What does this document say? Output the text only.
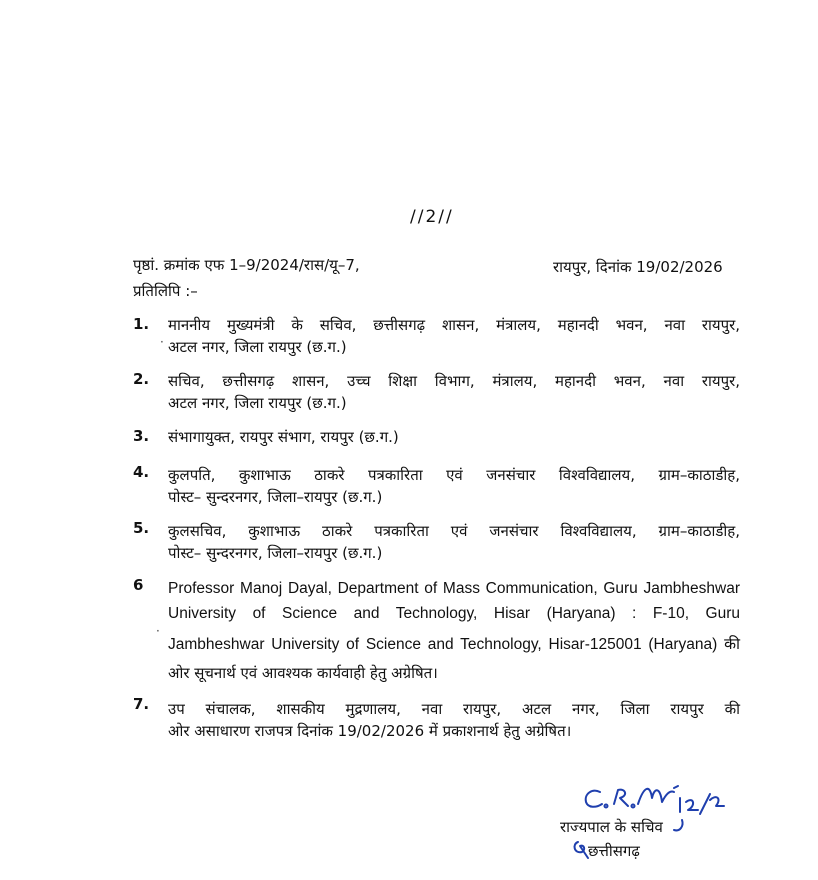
//2//
पृष्ठां. क्रमांक एफ 1–9/2024/रास/यू–7,	रायपुर, दिनांक 19/02/2026
प्रतिलिपि :–
1. माननीय मुख्यमंत्री के सचिव, छत्तीसगढ़ शासन, मंत्रालय, महानदी भवन, नवा रायपुर,
अटल नगर, जिला रायपुर (छ.ग.)
2. सचिव, छत्तीसगढ़ शासन, उच्च शिक्षा विभाग, मंत्रालय, महानदी भवन, नवा रायपुर,
अटल नगर, जिला रायपुर (छ.ग.)
3. संभागायुक्त, रायपुर संभाग, रायपुर (छ.ग.)
4. कुलपति, कुशाभाऊ ठाकरे पत्रकारिता एवं जनसंचार विश्वविद्यालय, ग्राम–काठाडीह,
पोस्ट– सुन्दरनगर, जिला–रायपुर (छ.ग.)
5. कुलसचिव, कुशाभाऊ ठाकरे पत्रकारिता एवं जनसंचार विश्वविद्यालय, ग्राम–काठाडीह,
पोस्ट– सुन्दरनगर, जिला–रायपुर (छ.ग.)
6 Professor Manoj Dayal, Department of Mass Communication, Guru Jambheshwar
University of Science and Technology, Hisar (Haryana) : F-10, Guru
Jambheshwar University of Science and Technology, Hisar-125001 (Haryana) की
ओर सूचनार्थ एवं आवश्यक कार्यवाही हेतु अग्रेषित।
7. उप संचालक, शासकीय मुद्रणालय, नवा रायपुर, अटल नगर, जिला रायपुर की
ओर असाधारण राजपत्र दिनांक 19/02/2026 में प्रकाशनार्थ हेतु अग्रेषित।
·
·
राज्यपाल के सचिव
छत्तीसगढ़
